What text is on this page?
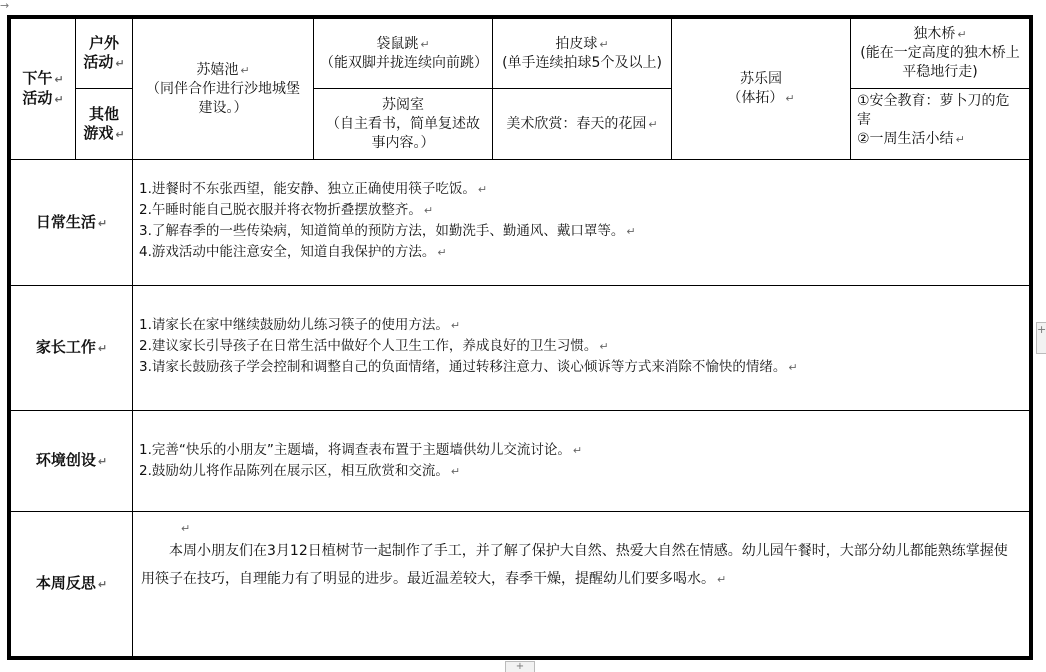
→
下午 ↵
活动 ↵
户外
活动 ↵
其他
游戏 ↵
苏嬉池 ↵
（同伴合作进行沙地城堡建设。）
袋鼠跳 ↵
（能双脚并拢连续向前跳）
苏阅室
（自主看书，简单复述故事内容。）
拍皮球 ↵
(单手连续拍球5个及以上)
美术欣赏：春天的花园 ↵
苏乐园
（体拓） ↵
独木桥 ↵
(能在一定高度的独木桥上平稳地行走)
①安全教育：萝卜刀的危害
②一周生活小结 ↵
日常生活 ↵
1.进餐时不东张西望，能安静、独立正确使用筷子吃饭。 ↵
2.午睡时能自己脱衣服并将衣物折叠摆放整齐。 ↵
3.了解春季的一些传染病，知道简单的预防方法，如勤洗手、勤通风、戴口罩等。 ↵
4.游戏活动中能注意安全，知道自我保护的方法。 ↵
家长工作 ↵
1.请家长在家中继续鼓励幼儿练习筷子的使用方法。 ↵
2.建议家长引导孩子在日常生活中做好个人卫生工作，养成良好的卫生习惯。 ↵
3.请家长鼓励孩子学会控制和调整自己的负面情绪，通过转移注意力、谈心倾诉等方式来消除不愉快的情绪。 ↵
环境创设 ↵
1.完善“快乐的小朋友”主题墙，将调查表布置于主题墙供幼儿交流讨论。 ↵
2.鼓励幼儿将作品陈列在展示区，相互欣赏和交流。 ↵
本周反思 ↵
↵
本周小朋友们在3月12日植树节一起制作了手工，并了解了保护大自然、热爱大自然在情感。幼儿园午餐时，大部分幼儿都能熟练掌握使用筷子在技巧，自理能力有了明显的进步。最近温差较大，春季干燥，提醒幼儿们要多喝水。 ↵
+
+
